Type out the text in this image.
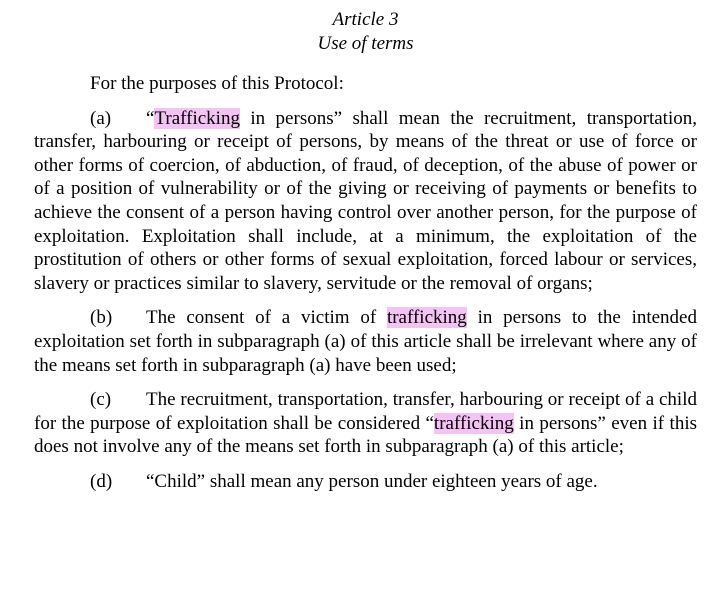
Article 3

Use of terms

For the purposes of this Protocol:

(a) “Trafficking in persons” shall mean the recruitment, transportation, transfer, harbouring or receipt of persons, by means of the threat or use of force or other forms of coercion, of abduction, of fraud, of deception, of the abuse of power or of a position of vulnerability or of the giving or receiving of payments or benefits to achieve the consent of a person having control over another person, for the purpose of exploitation. Exploitation shall include, at a minimum, the exploitation of the prostitution of others or other forms of sexual exploitation, forced labour or services, slavery or practices similar to slavery, servitude or the removal of organs;

(b) The consent of a victim of trafficking in persons to the intended exploitation set forth in subparagraph (a) of this article shall be irrelevant where any of the means set forth in subparagraph (a) have been used;

(c) The recruitment, transportation, transfer, harbouring or receipt of a child for the purpose of exploitation shall be considered “trafficking in persons” even if this does not involve any of the means set forth in subparagraph (a) of this article;

(d) “Child” shall mean any person under eighteen years of age.
